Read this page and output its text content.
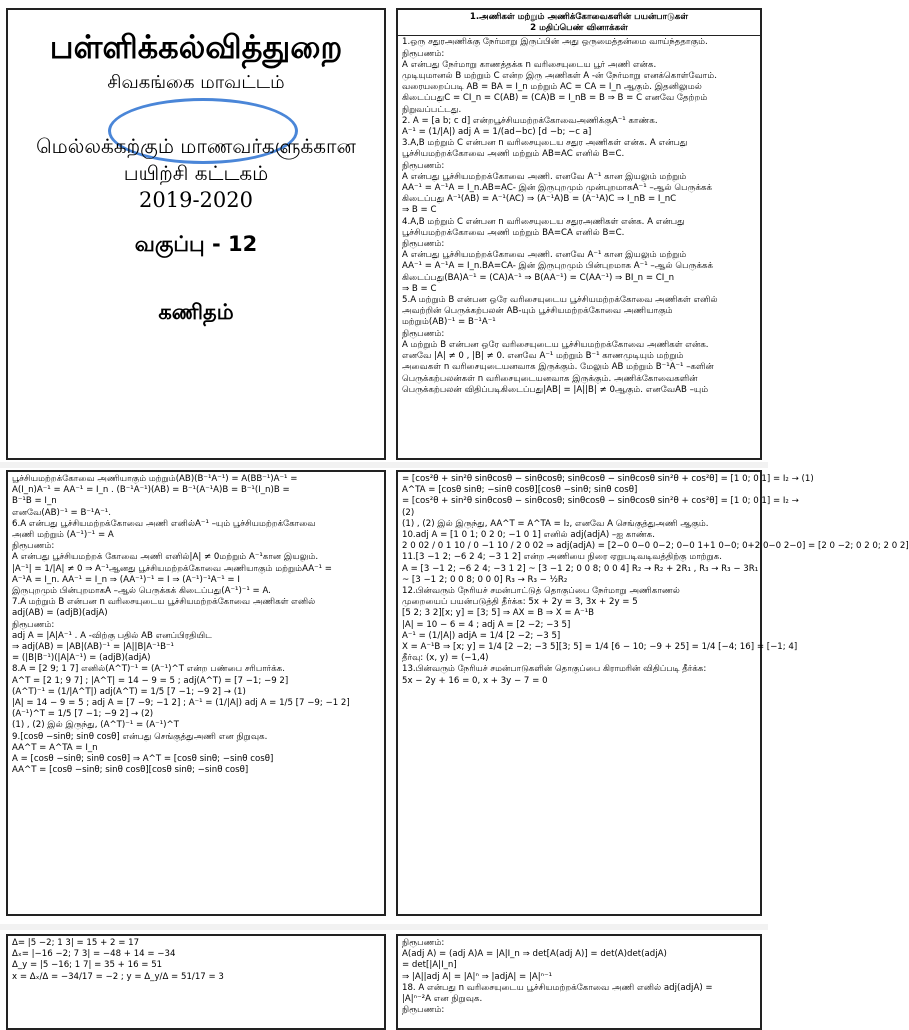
பள்ளிக்கல்வித்துறை
சிவகங்கை மாவட்டம்
மெல்லக்கற்கும் மாணவர்களுக்கான
பயிற்சி கட்டகம்
2019-2020
வகுப்பு - 12
கணிதம்
1.அணிகள் மற்றும் அணிக்கோவைகளின் பயன்பாடுகள்
2 மதிப்பெண் வினாக்கள்
1.ஒரு சதுரஅணிக்கு நேர்மாறு இருப்பின் அது ஒருமைத்தன்மை வாய்ந்ததாகும்.
நிரூபணம்:
A என்பது நேர்மாறு காணத்தக்க n வரிசையுடைய பூர் அணி என்க.
முடியுமானல் B மற்றும் C என்ற இரு அணிகள் A -ன் நேர்மாறு எனக்கொள்வோம்.
வரையறைப்படி AB = BA = I_n மற்றும் AC = CA = I_n ஆகும். இதனிலுமல்
கிடைப்பதுC = CI_n = C(AB) = (CA)B = I_nB = B ⇒ B = C எனவே தேற்றம்
நிறுவப்பட்டது.
2. A = [a b; c d] என்றபூச்சியமற்றக்கோவைஅணிக்குA⁻¹ காண்க.
A⁻¹ = (1/|A|) adj A = 1/(ad−bc) [d −b; −c a]
3.A,B மற்றும் C என்பன n வரிசையுடைய சதுர அணிகள் என்க. A என்பது
பூச்சியமற்றக்கோவை அணி மற்றும் AB=AC எனில் B=C.
நிரூபணம்:
A என்பது பூச்சியமற்றக்கோவை அணி. எனவே A⁻¹ கான இயலும் மற்றும்
AA⁻¹ = A⁻¹A = I_n.AB=AC- இன் இருபுறமும் முன்புறமாகA⁻¹ –ஆல் பெருக்கக்
கிடைப்பது A⁻¹(AB) = A⁻¹(AC) ⇒ (A⁻¹A)B = (A⁻¹A)C ⇒ I_nB = I_nC
⇒ B = C
4.A,B மற்றும் C என்பன n வரிசையுடைய சதுரஅணிகள் என்க. A என்பது
பூச்சியமற்றக்கோவை அணி மற்றும் BA=CA எனில் B=C.
நிரூபணம்:
A என்பது பூச்சியமற்றக்கோவை அணி. எனவே A⁻¹ கான இயலும் மற்றும்
AA⁻¹ = A⁻¹A = I_n.BA=CA- இன் இருபுறமும் பின்புறமாக A⁻¹ –ஆல் பெருக்கக்
கிடைப்பது(BA)A⁻¹ = (CA)A⁻¹ ⇒ B(AA⁻¹) = C(AA⁻¹) ⇒ BI_n = CI_n
⇒ B = C
5.A மற்றும் B என்பன ஒரே வரிசையுடைய பூச்சியமற்றக்கோவை அணிகள் எனில்
அவற்றின் பெருக்கற்பலன் AB-யும் பூச்சியமற்றக்கோவை அணியாகும்
மற்றும்(AB)⁻¹ = B⁻¹A⁻¹
நிரூபணம்:
A மற்றும் B என்பன ஒரே வரிசையுடைய பூச்சியமற்றக்கோவை அணிகள் என்க.
எனவே |A| ≠ 0 , |B| ≠ 0. எனவே A⁻¹ மற்றும் B⁻¹ காணமுடியும் மற்றும்
அவைகள் n வரிசையுடையனவாக இருக்கும். மேலும் AB மற்றும் B⁻¹A⁻¹ –களின்
பெருக்கற்பலன்கள் n வரிசையுடையனவாக இருக்கும். அணிக்கோவைகளின்
பெருக்கற்பலன் விதிப்படிகிடைப்பது|AB| = |A||B| ≠ 0ஆகும். எனவேAB –யும்
பூச்சியமற்றக்கோவை அணியாகும் மற்றும்(AB)(B⁻¹A⁻¹) = A(BB⁻¹)A⁻¹ =
A(I_n)A⁻¹ = AA⁻¹ = I_n . (B⁻¹A⁻¹)(AB) = B⁻¹(A⁻¹A)B = B⁻¹(I_n)B =
B⁻¹B = I_n
எனவே(AB)⁻¹ = B⁻¹A⁻¹.
6.A என்பது பூச்சியமற்றக்கோவை அணி எனில்A⁻¹ –யும் பூச்சியமற்றக்கோவை
அணி மற்றும் (A⁻¹)⁻¹ = A
நிரூபணம்:
A என்பது பூச்சியமற்றக் கோவை அணி எனில்|A| ≠ 0மற்றும் A⁻¹கான இயலும்.
|A⁻¹| = 1/|A| ≠ 0 ⇒ A⁻¹ஆனது பூச்சியமற்றக்கோவை அணியாகும் மற்றும்AA⁻¹ =
A⁻¹A = I_n. AA⁻¹ = I_n ⇒ (AA⁻¹)⁻¹ = I ⇒ (A⁻¹)⁻¹A⁻¹ = I
இருபுறமும் பின்புறமாகA –ஆல் பெருக்கக் கிடைப்பது(A⁻¹)⁻¹ = A.
7.A மற்றும் B என்பன n வரிசையுடைய பூச்சியமற்றக்கோவை அணிகள் எனில்
adj(AB) = (adjB)(adjA)
நிரூபணம்:
adj A = |A|A⁻¹ . A -விற்கு பதில் AB எனப்பிரதியிட
⇒ adj(AB) = |AB|(AB)⁻¹ = |A||B|A⁻¹B⁻¹
= (|B|B⁻¹)(|A|A⁻¹) = (adjB)(adjA)
8.A = [2 9; 1 7] எனில்(A^T)⁻¹ = (A⁻¹)^T என்ற பண்பை சரிபார்க்க.
A^T = [2 1; 9 7] ; |A^T| = 14 − 9 = 5 ; adj(A^T) = [7 −1; −9 2]
(A^T)⁻¹ = (1/|A^T|) adj(A^T) = 1/5 [7 −1; −9 2] → (1)
|A| = 14 − 9 = 5 ; adj A = [7 −9; −1 2] ; A⁻¹ = (1/|A|) adj A = 1/5 [7 −9; −1 2]
(A⁻¹)^T = 1/5 [7 −1; −9 2] → (2)
(1) , (2) இல் இருந்து, (A^T)⁻¹ = (A⁻¹)^T
9.[cosθ −sinθ; sinθ cosθ] என்பது செங்குத்துஅணி என நிறுவுக.
AA^T = A^TA = I_n
A = [cosθ −sinθ; sinθ cosθ] ⇒ A^T = [cosθ sinθ; −sinθ cosθ]
AA^T = [cosθ −sinθ; sinθ cosθ][cosθ sinθ; −sinθ cosθ]
= [cos²θ + sin²θ sinθcosθ − sinθcosθ; sinθcosθ − sinθcosθ sin²θ + cos²θ] = [1 0; 0 1] = I₂ → (1)
A^TA = [cosθ sinθ; −sinθ cosθ][cosθ −sinθ; sinθ cosθ]
= [cos²θ + sin²θ sinθcosθ − sinθcosθ; sinθcosθ − sinθcosθ sin²θ + cos²θ] = [1 0; 0 1] = I₂ →
(2)
(1) , (2) இல் இருந்து, AA^T = A^TA = I₂, எனவே A செங்குத்துஅணி ஆகும்.
10.adj A = [1 0 1; 0 2 0; −1 0 1] எனில் adj(adjA) –ஐ காண்க.
2 0 02 / 0 1 10 / 0 −1 10 / 2 0 02 ⇒ adj(adjA) = [2−0 0−0 0−2; 0−0 1+1 0−0; 0+2 0−0 2−0] = [2 0 −2; 0 2 0; 2 0 2]
11.[3 −1 2; −6 2 4; −3 1 2] என்ற அணியை நிரை ஏறுபடிவடிவத்திற்கு மாற்றுக.
A = [3 −1 2; −6 2 4; −3 1 2] ~ [3 −1 2; 0 0 8; 0 0 4] R₂ → R₂ + 2R₁ , R₃ → R₃ − 3R₁
~ [3 −1 2; 0 0 8; 0 0 0] R₃ → R₃ − ½R₂
12.பின்வரும் நேரியச் சமன்பாட்டுத் தொகுப்பை நேர்மாறு அணிகாணல்
முறையைப் பயன்படுத்தி தீர்க்க: 5x + 2y = 3, 3x + 2y = 5
[5 2; 3 2][x; y] = [3; 5] ⇒ AX = B ⇒ X = A⁻¹B
|A| = 10 − 6 = 4 ; adj A = [2 −2; −3 5]
A⁻¹ = (1/|A|) adjA = 1/4 [2 −2; −3 5]
X = A⁻¹B ⇒ [x; y] = 1/4 [2 −2; −3 5][3; 5] = 1/4 [6 − 10; −9 + 25] = 1/4 [−4; 16] = [−1; 4]
தீர்வு: (x, y) = (−1,4)
13.பின்வரும் நேரியச் சமன்பாடுகளின் தொகுப்பை கிராமரின் விதிப்படி தீர்க்க:
5x − 2y + 16 = 0, x + 3y − 7 = 0
Δ= |5 −2; 1 3| = 15 + 2 = 17
Δₓ= |−16 −2; 7 3| = −48 + 14 = −34
Δ_y = |5 −16; 1 7| = 35 + 16 = 51
x = Δₓ/Δ = −34/17 = −2 ; y = Δ_y/Δ = 51/17 = 3
நிரூபணம்:
A(adj A) = (adj A)A = |A|I_n ⇒ det[A(adj A)] = det(A)det(adjA)
= det[|A|I_n]
⇒ |A||adj A| = |A|ⁿ ⇒ |adjA| = |A|ⁿ⁻¹
18. A என்பது n வரிசையுடைய பூச்சியமற்றக்கோவை அணி எனில் adj(adjA) =
|A|ⁿ⁻²A என நிறுவுக.
நிரூபணம்:
